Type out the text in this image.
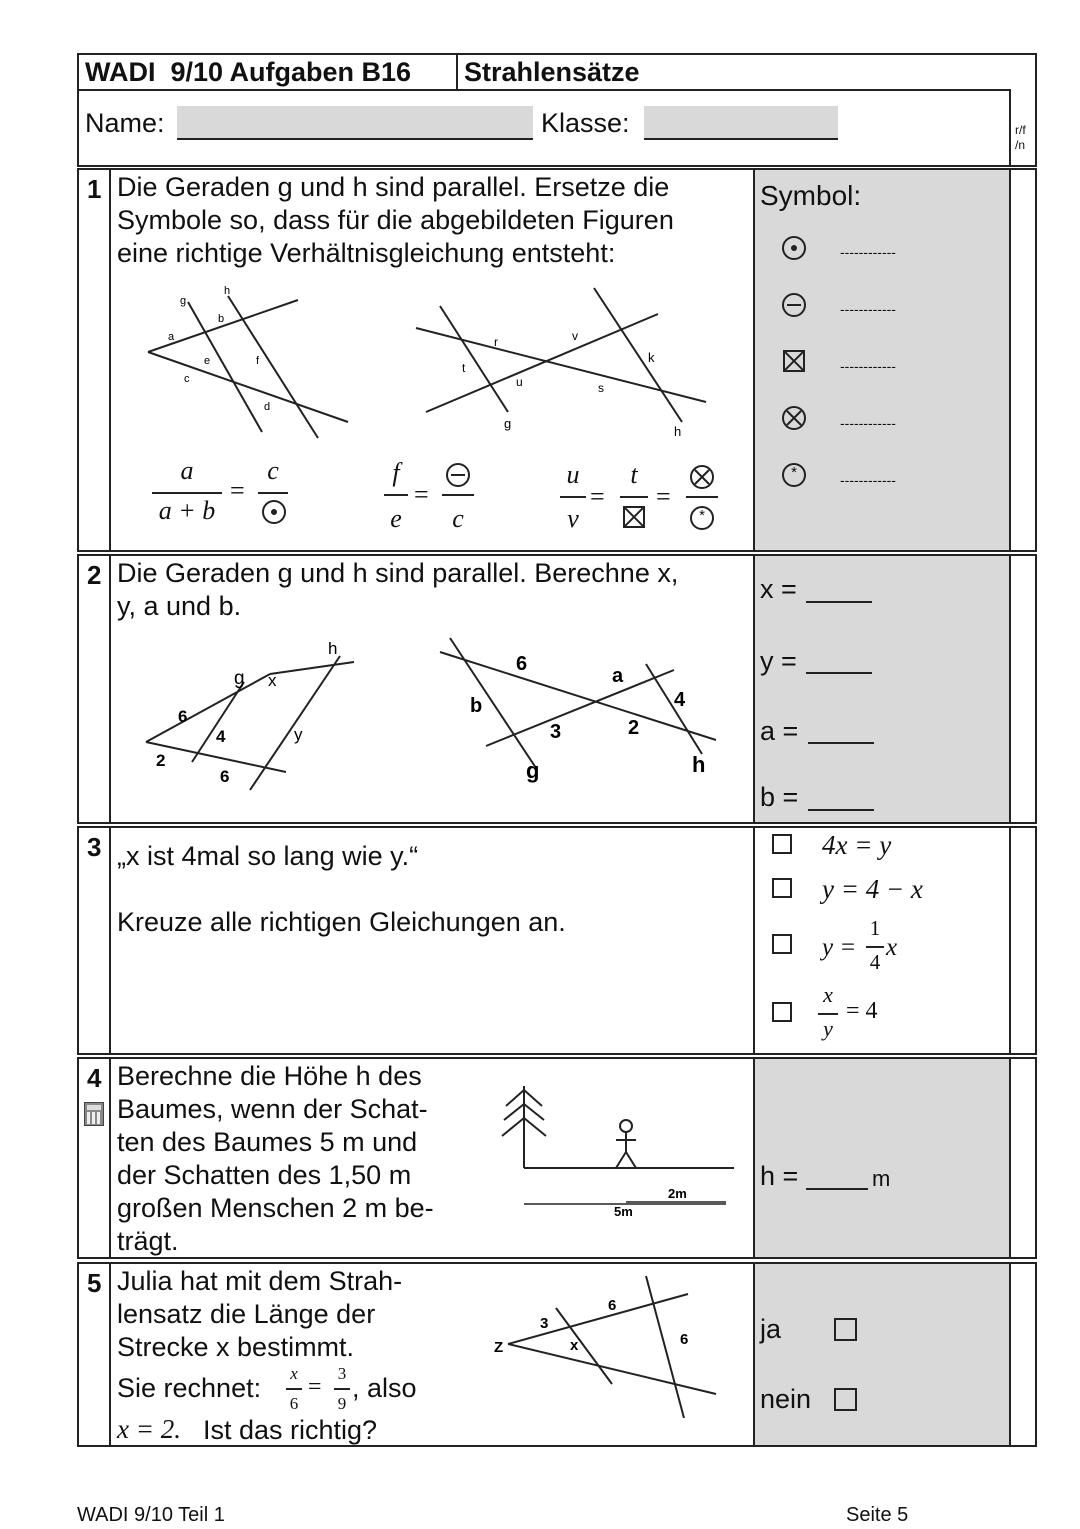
WADI  9/10 Aufgaben B16 Strahlensätze
Name:	Klasse:	r/f
/n
1 Die Geraden g und h sind parallel. Ersetze die
Symbole so, dass für die abgebildeten Figuren
eine richtige Verhältnisgleichung entsteht:
g
h
a
b
c
d
e	f
r
t
u
g
v
s
k
h
a
a + b
=
c	f
e
=
c
u
v
=
t
=
*
Symbol:
------------
------------
------------
------------
*	------------
2 Die Geraden g und h sind parallel. Berechne x,
y, a und b.
h
g x
6
4	y
2
6
6
a
b	4
3	2
g	h
x =
y =
a =
b =
3 „x ist 4mal so lang wie y.“
Kreuze alle richtigen Gleichungen an.
4x = y
y = 4 − x
y =
1
4
x
x
y
= 4
4 Berechne die Höhe h des
Baumes, wenn der Schat-
ten des Baumes 5 m und
der Schatten des 1,50 m
großen Menschen 2 m be-
trägt.
5m
2m
h =	m
5 Julia hat mit dem Strah-
lensatz die Länge der
Strecke x bestimmt.
Sie rechnet: x
6
=
3
9
, also
x = 2. Ist das richtig?
Z
3
x
6
6	ja
nein
WADI 9/10 Teil 1	Seite 5
